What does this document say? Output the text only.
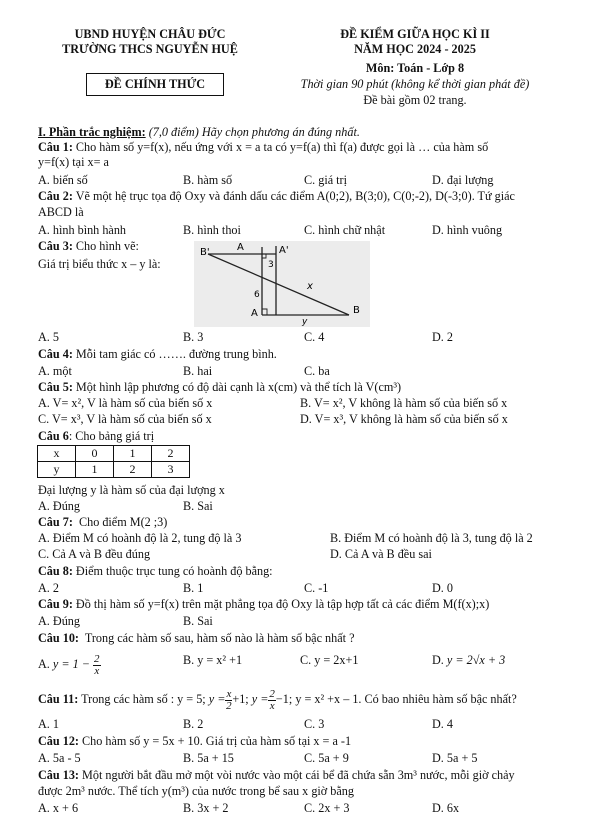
UBND HUYỆN CHÂU ĐỨC
TRƯỜNG THCS NGUYỄN HUỆ
ĐỀ CHÍNH THỨC
ĐỀ KIỂM GIỮA HỌC KÌ II
NĂM HỌC 2024 - 2025
Môn: Toán - Lớp 8
Thời gian 90 phút (không kể thời gian phát đề)
Đề bài gồm 02 trang.
I. Phần trắc nghiệm: (7,0 điểm) Hãy chọn phương án đúng nhất.
Câu 1: Cho hàm số y=f(x), nếu ứng với x = a ta có y=f(a) thì f(a) được gọi là … của hàm số
y=f(x) tại x= a
A. biến số	B. hàm số	C. giá trị	D. đại lượng
Câu 2: Vẽ một hệ trục tọa độ Oxy và đánh dấu các điểm A(0;2), B(3;0), C(0;-2), D(-3;0). Tứ giác
ABCD là
A. hình bình hành	B. hình thoi	C. hình chữ nhật	D. hình vuông
Câu 3: Cho hình vẽ:
Giá trị biểu thức x – y là:
B'	A	A'
3
6
x
A	B
y
A. 5	B. 3	C. 4	D. 2
Câu 4: Mỗi tam giác có ……. đường trung bình.
A. một	B. hai	C. ba
Câu 5: Một hình lập phương có độ dài cạnh là x(cm) và thể tích là V(cm³)
A. V= x², V là hàm số của biến số x	B. V= x², V không là hàm số của biến số x
C. V= x³, V là hàm số của biến số x	D. V= x³, V không là hàm số của biến số x
Câu 6: Cho bảng giá trị
x	0	1	2
y	1	2	3
Đại lượng y là hàm số của đại lượng x
A. Đúng	B. Sai
Câu 7: Cho điểm M(2 ;3)
A. Điểm M có hoành độ là 2, tung độ là 3	B. Điểm M có hoành độ là 3, tung độ là 2
C. Cả A và B đều đúng	D. Cả A và B đều sai
Câu 8: Điểm thuộc trục tung có hoành độ bằng:
A. 2	B. 1	C. -1	D. 0
Câu 9: Đồ thị hàm số y=f(x) trên mặt phẳng tọa độ Oxy là tập hợp tất cả các điểm M(f(x);x)
A. Đúng	B. Sai
Câu 10: Trong các hàm số sau, hàm số nào là hàm số bậc nhất ?
A. $y = 1 - \frac{2}{x}$	B. y = x² +1	C. y = 2x+1	D. y = 2√x + 3
Câu 11: Trong các hàm số : y = 5; $y = \frac{x}{2} +1$; $y = \frac{2}{x} -1$; y = x² +x – 1. Có bao nhiêu hàm số bậc nhất?
A. 1	B. 2	C. 3	D. 4
Câu 12: Cho hàm số y = 5x + 10. Giá trị của hàm số tại x = a -1
A. 5a - 5	B. 5a + 15	C. 5a + 9	D. 5a + 5
Câu 13: Một người bắt đầu mở một vòi nước vào một cái bể đã chứa sẵn 3m³ nước, mỗi giờ chảy
được 2m³ nước. Thể tích y(m³) của nước trong bể sau x giờ bằng
A. x + 6	B. 3x + 2	C. 2x + 3	D. 6x
